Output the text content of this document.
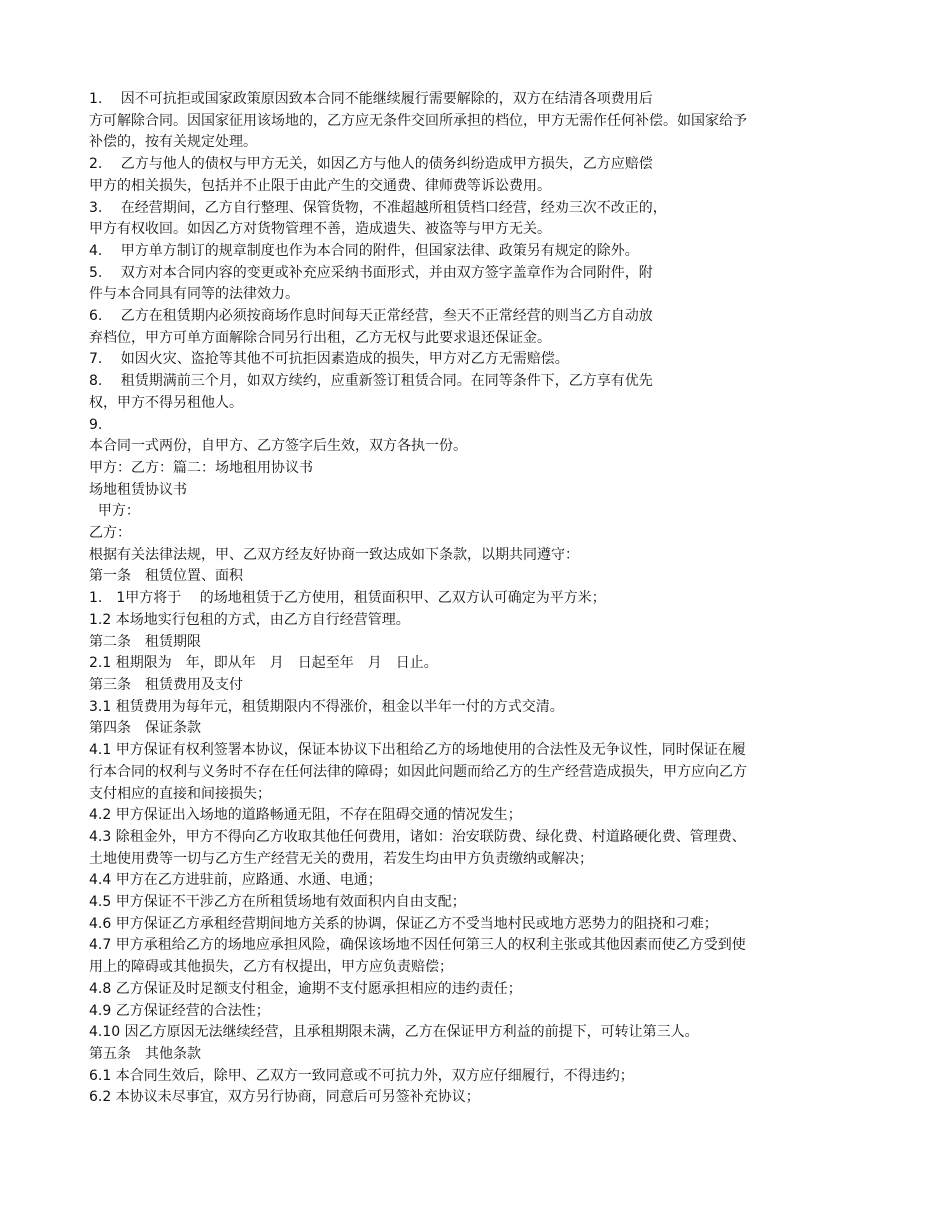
1.　 因不可抗拒或国家政策原因致本合同不能继续履行需要解除的，双方在结清各项费用后
方可解除合同。因国家征用该场地的，乙方应无条件交回所承担的档位，甲方无需作任何补偿。如国家给予
补偿的，按有关规定处理。
2.　 乙方与他人的债权与甲方无关，如因乙方与他人的债务纠纷造成甲方损失，乙方应赔偿
甲方的相关损失，包括并不止限于由此产生的交通费、律师费等诉讼费用。
3.　 在经营期间，乙方自行整理、保管货物，不准超越所租赁档口经营，经劝三次不改正的，
甲方有权收回。如因乙方对货物管理不善，造成遗失、被盗等与甲方无关。
4.　 甲方单方制订的规章制度也作为本合同的附件，但国家法律、政策另有规定的除外。
5.　 双方对本合同内容的变更或补充应采纳书面形式，并由双方签字盖章作为合同附件，附
件与本合同具有同等的法律效力。
6.　 乙方在租赁期内必须按商场作息时间每天正常经营，叁天不正常经营的则当乙方自动放
弃档位，甲方可单方面解除合同另行出租，乙方无权与此要求退还保证金。
7.　 如因火灾、盗抢等其他不可抗拒因素造成的损失，甲方对乙方无需赔偿。
8.　 租赁期满前三个月，如双方续约，应重新签订租赁合同。在同等条件下，乙方享有优先
权，甲方不得另租他人。
9.
本合同一式两份，自甲方、乙方签字后生效，双方各执一份。
甲方：乙方：篇二：场地租用协议书
场地租赁协议书
甲方：
乙方：
根据有关法律法规，甲、乙双方经友好协商一致达成如下条款，以期共同遵守：
第一条　租赁位置、面积
1.　1甲方将于　 的场地租赁于乙方使用，租赁面积甲、乙双方认可确定为平方米；
1.2 本场地实行包租的方式，由乙方自行经营管理。
第二条　租赁期限
2.1 租期限为　年，即从年　月　日起至年　月　日止。
第三条　租赁费用及支付
3.1 租赁费用为每年元，租赁期限内不得涨价，租金以半年一付的方式交清。
第四条　保证条款
4.1 甲方保证有权利签署本协议，保证本协议下出租给乙方的场地使用的合法性及无争议性，同时保证在履
行本合同的权利与义务时不存在任何法律的障碍；如因此问题而给乙方的生产经营造成损失，甲方应向乙方
支付相应的直接和间接损失；
4.2 甲方保证出入场地的道路畅通无阻，不存在阻碍交通的情况发生；
4.3 除租金外，甲方不得向乙方收取其他任何费用，诸如：治安联防费、绿化费、村道路硬化费、管理费、
土地使用费等一切与乙方生产经营无关的费用，若发生均由甲方负责缴纳或解决；
4.4 甲方在乙方进驻前，应路通、水通、电通；
4.5 甲方保证不干涉乙方在所租赁场地有效面积内自由支配；
4.6 甲方保证乙方承租经营期间地方关系的协调，保证乙方不受当地村民或地方恶势力的阻挠和刁难；
4.7 甲方承租给乙方的场地应承担风险，确保该场地不因任何第三人的权利主张或其他因素而使乙方受到使
用上的障碍或其他损失，乙方有权提出，甲方应负责赔偿；
4.8 乙方保证及时足额支付租金，逾期不支付愿承担相应的违约责任；
4.9 乙方保证经营的合法性；
4.10 因乙方原因无法继续经营，且承租期限未满，乙方在保证甲方利益的前提下，可转让第三人。
第五条　其他条款
6.1 本合同生效后，除甲、乙双方一致同意或不可抗力外，双方应仔细履行，不得违约；
6.2 本协议未尽事宜，双方另行协商，同意后可另签补充协议；
